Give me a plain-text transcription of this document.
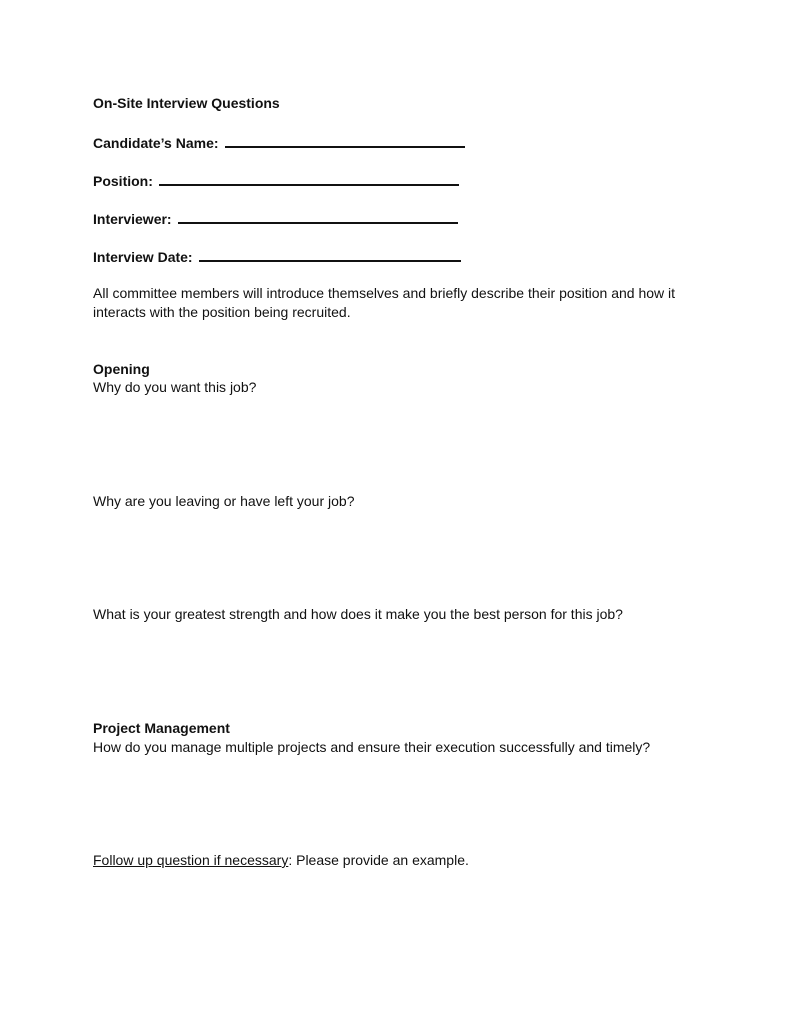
On-Site Interview Questions
Candidate’s Name:
Position:
Interviewer:
Interview Date:
All committee members will introduce themselves and briefly describe their position and how it interacts with the position being recruited.
Opening
Why do you want this job?
Why are you leaving or have left your job?
What is your greatest strength and how does it make you the best person for this job?
Project Management
How do you manage multiple projects and ensure their execution successfully and timely?
Follow up question if necessary: Please provide an example.
